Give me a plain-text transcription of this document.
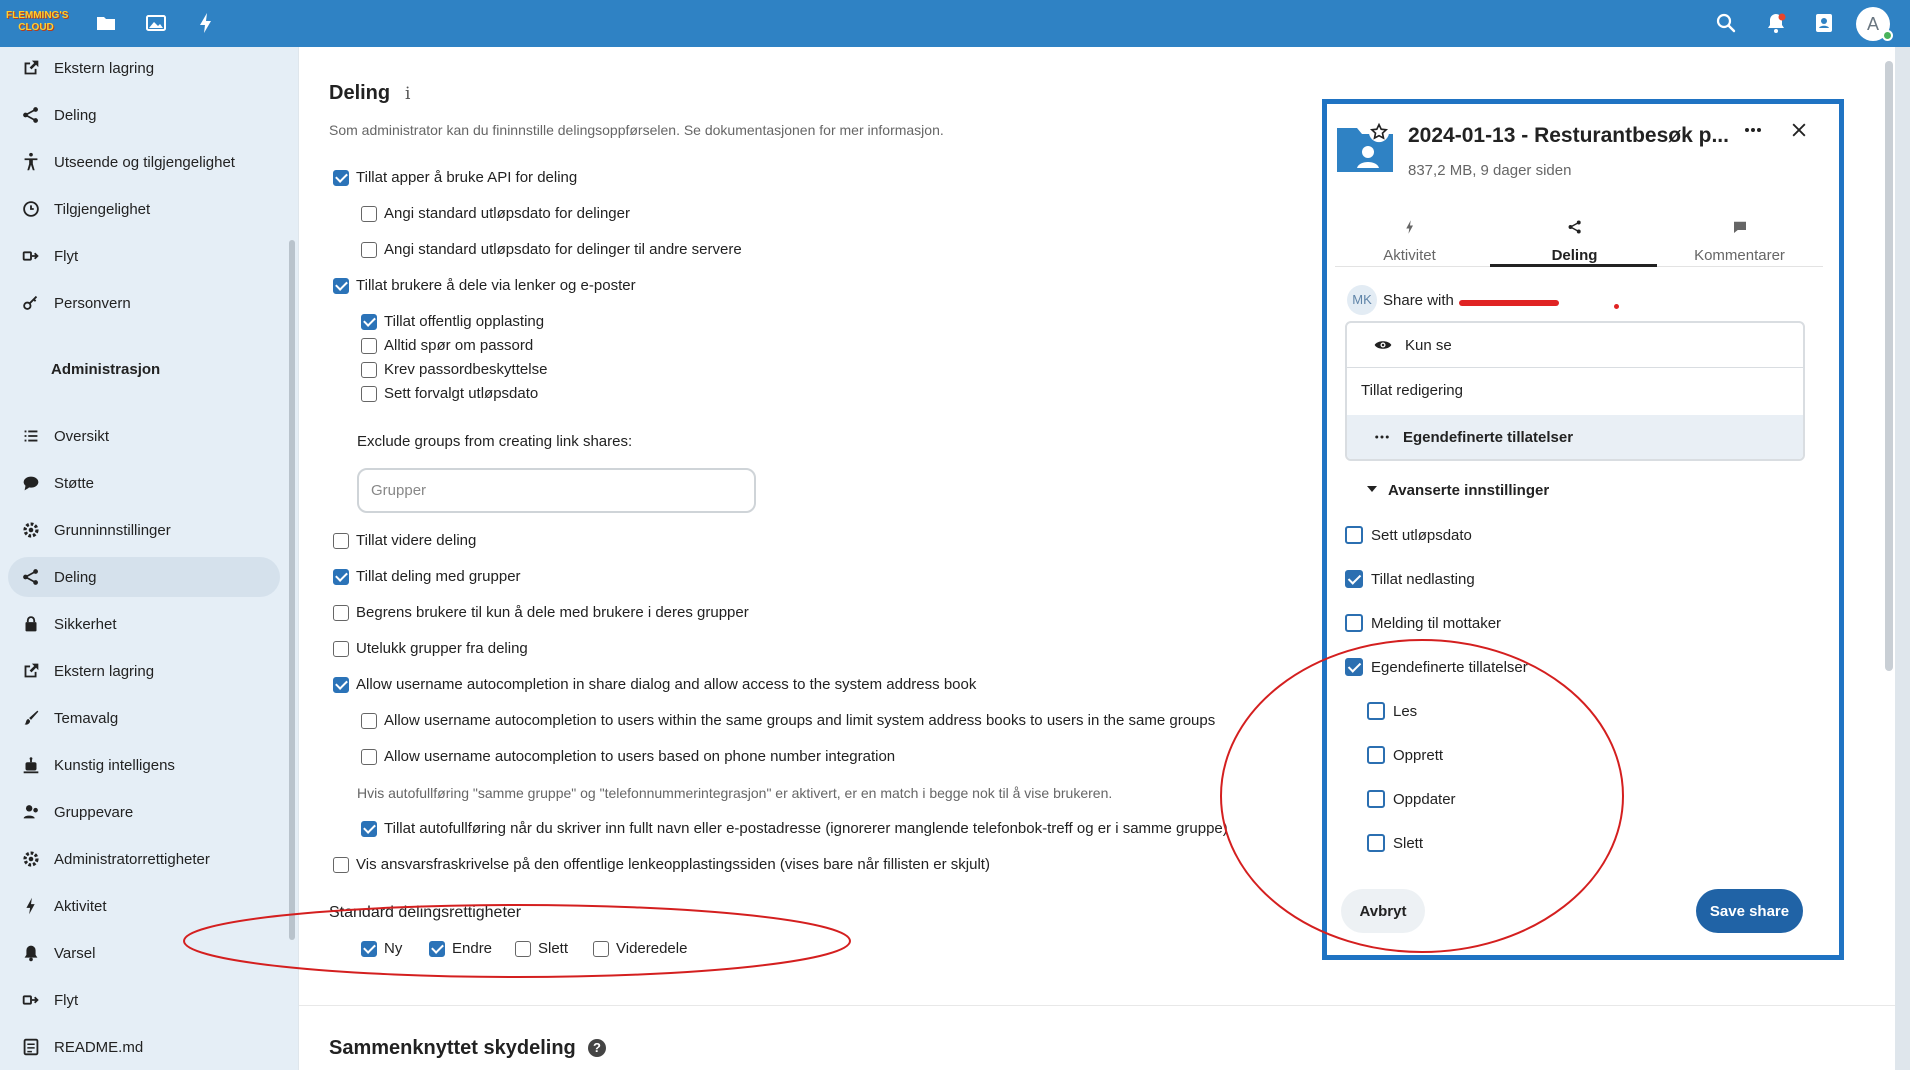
FLEMMING'S CLOUD	A
Ekstern lagring
Deling
Utseende og tilgjengelighet
Tilgjengelighet
Flyt
Personvern
Administrasjon
Oversikt
Støtte
Grunninnstillinger
Deling
Sikkerhet
Ekstern lagring
Temavalg
Kunstig intelligens
Gruppevare
Administratorrettigheter
Aktivitet
Varsel
Flyt
README.md
Deling i
Som administrator kan du fininnstille delingsoppførselen. Se dokumentasjonen for mer informasjon.
Tillat apper å bruke API for deling
Angi standard utløpsdato for delinger
Angi standard utløpsdato for delinger til andre servere
Tillat brukere å dele via lenker og e-poster
Tillat offentlig opplasting
Alltid spør om passord
Krev passordbeskyttelse
Sett forvalgt utløpsdato
Exclude groups from creating link shares:
Grupper
Tillat videre deling
Tillat deling med grupper
Begrens brukere til kun å dele med brukere i deres grupper
Utelukk grupper fra deling
Allow username autocompletion in share dialog and allow access to the system address book
Allow username autocompletion to users within the same groups and limit system address books to users in the same groups
Allow username autocompletion to users based on phone number integration
Hvis autofullføring "samme gruppe" og "telefonnummerintegrasjon" er aktivert, er en match i begge nok til å vise brukeren.
Tillat autofullføring når du skriver inn fullt navn eller e-postadresse (ignorerer manglende telefonbok-treff og er i samme gruppe)
Vis ansvarsfraskrivelse på den offentlige lenkeopplastingssiden (vises bare når fillisten er skjult)
Standard delingsrettigheter
Ny	Endre	Slett	Videredele
Sammenknyttet skydeling	?
2024-01-13 - Resturantbesøk p...
837,2 MB, 9 dager siden
Aktivitet	Deling	Kommentarer
MK Share with
Kun se
Tillat redigering
Egendefinerte tillatelser
Avanserte innstillinger
Sett utløpsdato
Tillat nedlasting
Melding til mottaker
Egendefinerte tillatelser
Les
Opprett
Oppdater
Slett
Avbryt	Save share
